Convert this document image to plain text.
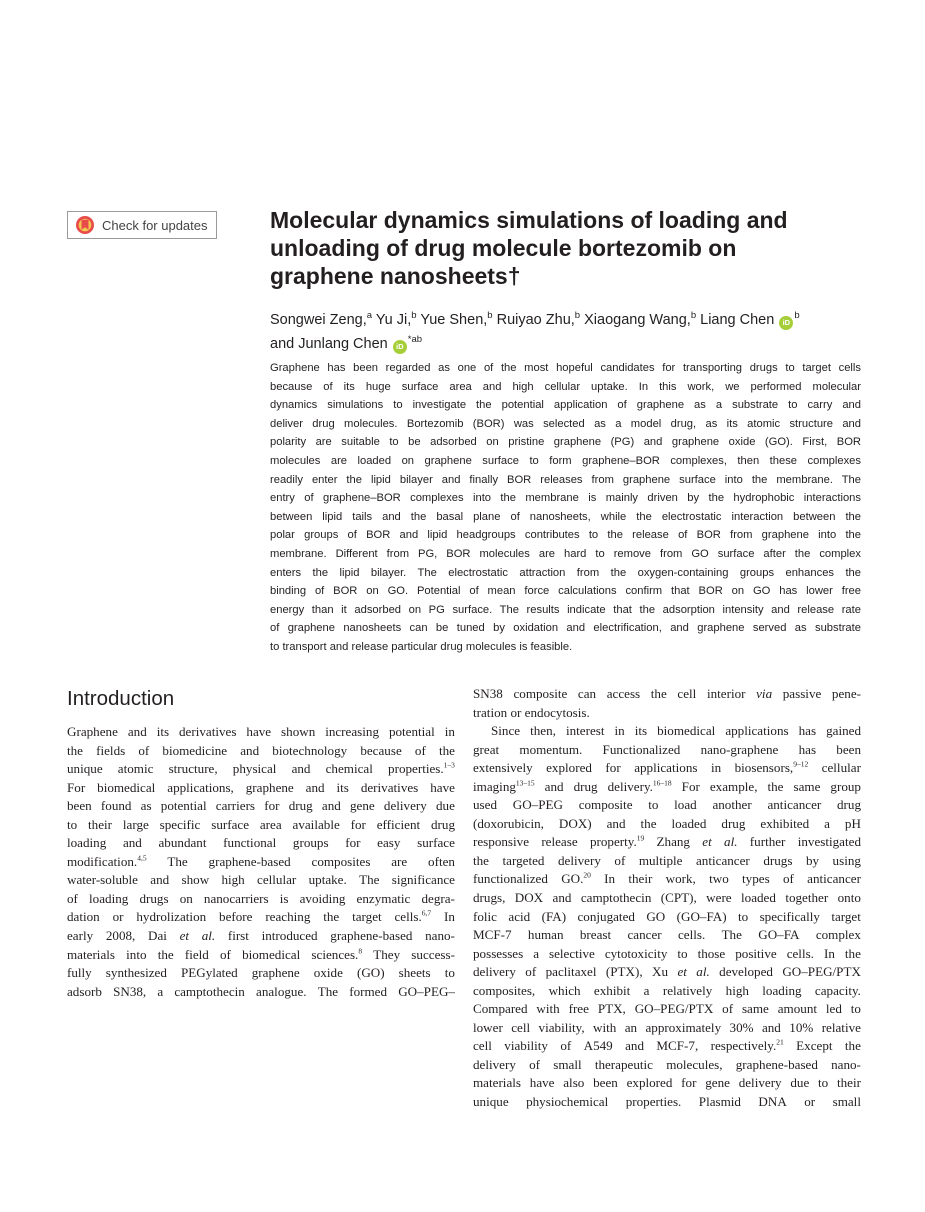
Check for updates	Molecular dynamics simulations of loading and
unloading of drug molecule bortezomib on
graphene nanosheets†
Songwei Zeng,$^a$ Yu Ji,$^b$ Yue Shen,$^b$ Ruiyao Zhu,$^b$ Xiaogang Wang,$^b$ Liang Chen $iD^b$
and Junlang Chen $iD^{*ab}$
Graphene has been regarded as one of the most hopeful candidates for transporting drugs to target cells
because of its huge surface area and high cellular uptake. In this work, we performed molecular
dynamics simulations to investigate the potential application of graphene as a substrate to carry and
deliver drug molecules. Bortezomib (BOR) was selected as a model drug, as its atomic structure and
polarity are suitable to be adsorbed on pristine graphene (PG) and graphene oxide (GO). First, BOR
molecules are loaded on graphene surface to form graphene–BOR complexes, then these complexes
readily enter the lipid bilayer and finally BOR releases from graphene surface into the membrane. The
entry of graphene–BOR complexes into the membrane is mainly driven by the hydrophobic interactions
between lipid tails and the basal plane of nanosheets, while the electrostatic interaction between the
polar groups of BOR and lipid headgroups contributes to the release of BOR from graphene into the
membrane. Different from PG, BOR molecules are hard to remove from GO surface after the complex
enters the lipid bilayer. The electrostatic attraction from the oxygen-containing groups enhances the
binding of BOR on GO. Potential of mean force calculations confirm that BOR on GO has lower free
energy than it adsorbed on PG surface. The results indicate that the adsorption intensity and release rate
of graphene nanosheets can be tuned by oxidation and electrification, and graphene served as substrate
to transport and release particular drug molecules is feasible.
Introduction
Graphene and its derivatives have shown increasing potential in
the fields of biomedicine and biotechnology because of the
unique atomic structure, physical and chemical properties.$^{1-3}$
For biomedical applications, graphene and its derivatives have
been found as potential carriers for drug and gene delivery due
to their large specific surface area available for efficient drug
loading and abundant functional groups for easy surface
modification.$^{4,5}$ The graphene-based composites are often
water-soluble and show high cellular uptake. The significance
of loading drugs on nanocarriers is avoiding enzymatic degra-
dation or hydrolization before reaching the target cells.$^{6,7}$ In
early 2008, Dai et al. first introduced graphene-based nano-
materials into the field of biomedical sciences.$^8$ They success-
fully synthesized PEGylated graphene oxide (GO) sheets to
adsorb SN38, a camptothecin analogue. The formed GO–PEG–
SN38 composite can access the cell interior via passive pene-
tration or endocytosis.
Since then, interest in its biomedical applications has gained
great momentum. Functionalized nano-graphene has been
extensively explored for applications in biosensors,$^{9-12}$ cellular
imaging$^{13-15}$ and drug delivery.$^{16-18}$ For example, the same group
used GO–PEG composite to load another anticancer drug
(doxorubicin, DOX) and the loaded drug exhibited a pH
responsive release property.$^{19}$ Zhang et al. further investigated
the targeted delivery of multiple anticancer drugs by using
functionalized GO.$^{20}$ In their work, two types of anticancer
drugs, DOX and camptothecin (CPT), were loaded together onto
folic acid (FA) conjugated GO (GO–FA) to specifically target
MCF-7 human breast cancer cells. The GO–FA complex
possesses a selective cytotoxicity to those positive cells. In the
delivery of paclitaxel (PTX), Xu et al. developed GO–PEG/PTX
composites, which exhibit a relatively high loading capacity.
Compared with free PTX, GO–PEG/PTX of same amount led to
lower cell viability, with an approximately 30% and 10% relative
cell viability of A549 and MCF-7, respectively.$^{21}$ Except the
delivery of small therapeutic molecules, graphene-based nano-
materials have also been explored for gene delivery due to their
unique physiochemical properties. Plasmid DNA or small
